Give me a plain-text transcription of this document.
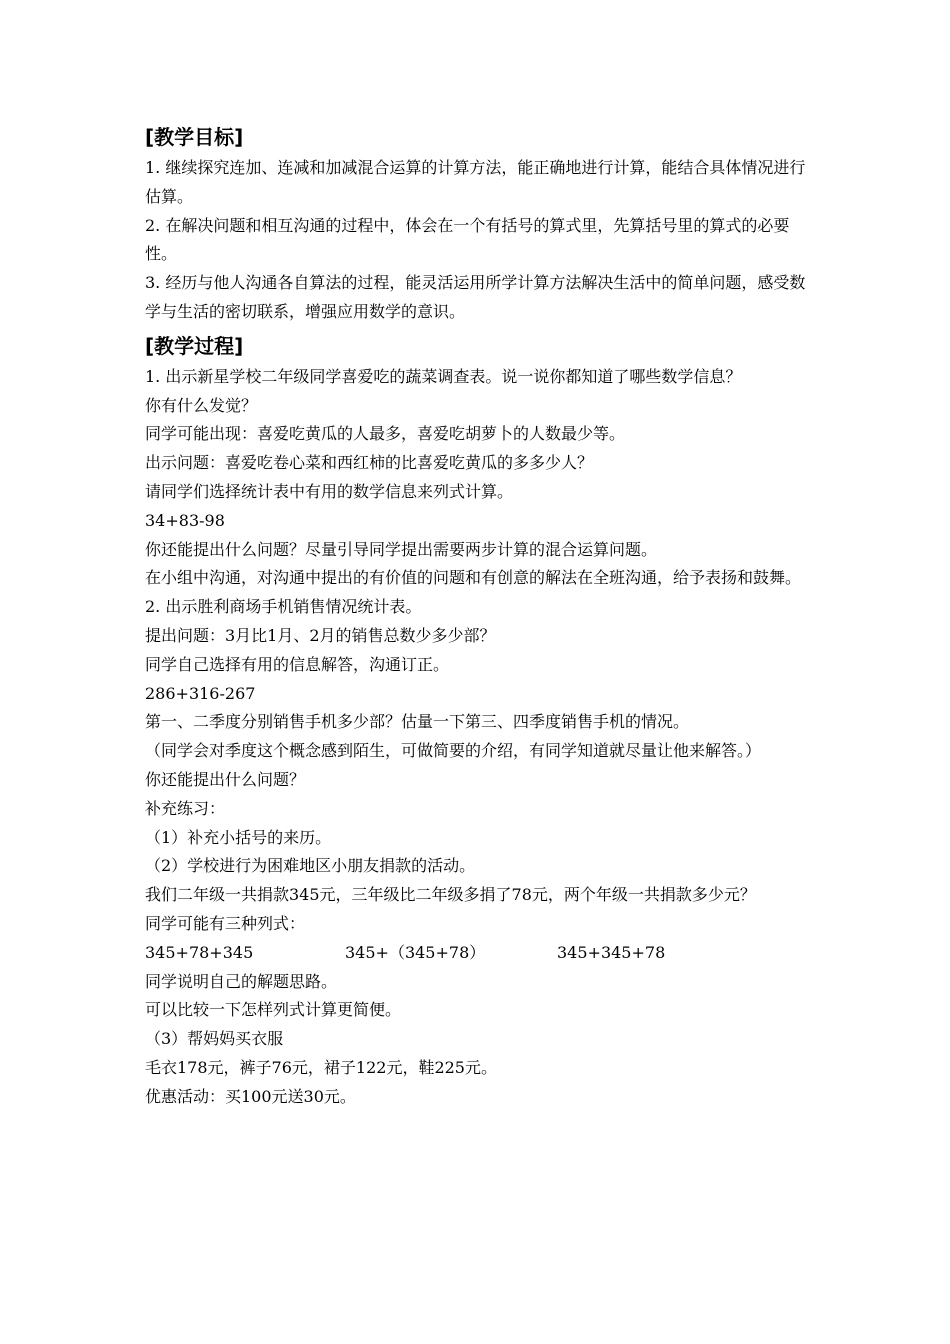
[教学目标]
1. 继续探究连加、连减和加减混合运算的计算方法，能正确地进行计算，能结合具体情况进行估算。
2. 在解决问题和相互沟通的过程中，体会在一个有括号的算式里，先算括号里的算式的必要性。
3. 经历与他人沟通各自算法的过程，能灵活运用所学计算方法解决生活中的简单问题，感受数学与生活的密切联系，增强应用数学的意识。
[教学过程]
1. 出示新星学校二年级同学喜爱吃的蔬菜调查表。说一说你都知道了哪些数学信息？
你有什么发觉？
同学可能出现：喜爱吃黄瓜的人最多，喜爱吃胡萝卜的人数最少等。
出示问题：喜爱吃卷心菜和西红柿的比喜爱吃黄瓜的多多少人？
请同学们选择统计表中有用的数学信息来列式计算。
34+83-98
你还能提出什么问题？尽量引导同学提出需要两步计算的混合运算问题。
在小组中沟通，对沟通中提出的有价值的问题和有创意的解法在全班沟通，给予表扬和鼓舞。
2. 出示胜利商场手机销售情况统计表。
提出问题：3月比1月、2月的销售总数少多少部？
同学自己选择有用的信息解答，沟通订正。
286+316-267
第一、二季度分别销售手机多少部？估量一下第三、四季度销售手机的情况。
（同学会对季度这个概念感到陌生，可做简要的介绍，有同学知道就尽量让他来解答。）
你还能提出什么问题？
补充练习：
（1）补充小括号的来历。
（2）学校进行为困难地区小朋友捐款的活动。
我们二年级一共捐款345元，三年级比二年级多捐了78元，两个年级一共捐款多少元？
同学可能有三种列式：
345+78+345	345+（345+78）	345+345+78
同学说明自己的解题思路。
可以比较一下怎样列式计算更简便。
（3）帮妈妈买衣服
毛衣178元，裤子76元，裙子122元，鞋225元。
优惠活动：买100元送30元。
